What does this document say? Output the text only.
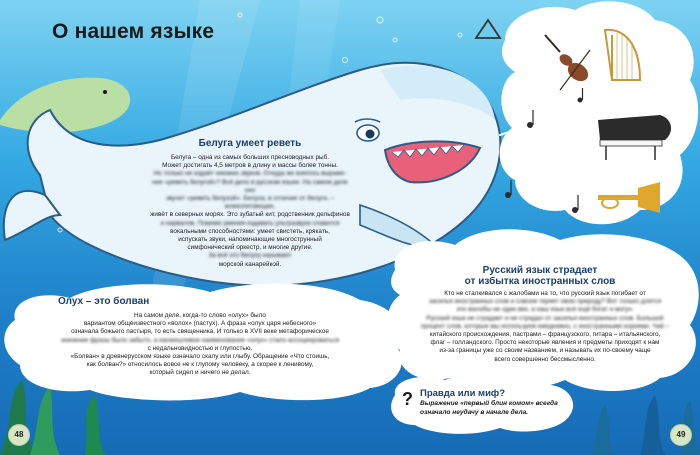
?
О нашем языке
Белуга умеет реветь
Белуга – одна из самых больших пресноводных рыб.
Может достигать 4,5 метров в длину и массы более тонны.
Но только не издаёт никаких звуков. Откуда же взялось выраже-
ние «реветь белугой»? Всё дело в русском языке. На самом деле оно
звучит «реветь белухой». Белуха, в отличие от белуги, – млекопитающее,
живёт в северных морях. Это зубатый кит, родственник дельфинов
и нарвалов. Помимо умения издавать ультразвуки славится
вокальными способностями: умеет свистеть, крякать,
испускать звуки, напоминающие многострунный
симфонический оркестр, и многие другие.
За всё это белуху называют
морской канарейкой.
Олух – это болван
На самом деле, когда-то слово «олух» было
вариантом общеизвестного «волох» (пастух). А фраза «олух царя небесного»
означала божьего пастыря, то есть священника. И только в XVII веке метафорическое
значение фразы было забыто, а насмешливое наименование «олух» стало ассоциироваться
с недальновидностью и глупостью.
«Болван» в древнерусском языке означало скалу или глыбу. Обращение «Что стоишь,
как болван?» относилось вовсе не к глупому человеку, а скорее к ленивому,
который сидел и ничего не делал.
Русский язык страдает
от избытка иностранных слов
Кто не сталкивался с жалобами на то, что русский язык погибает от
засилья иностранных слов и совсем теряет свою природу? Вот только длятся
эти жалобы не один век, а наш язык всё ещё богат и могуч.
Русский язык не страдает и не страдал от засилья иностранных слов. Большой
процент слов, которые мы используем ежедневно, с иностранными корнями. Чай –
китайского происхождения, пастрами – французского, гитара – итальянского,
флаг – голландского. Просто некоторые явления и предметы приходят к нам
из-за границы уже со своим названием, и называть их по-своему чаще
всего совершенно бессмысленно.
Правда или миф?
Выражение «первый блин комом» всегда
означало неудачу в начале дела.
48	49
